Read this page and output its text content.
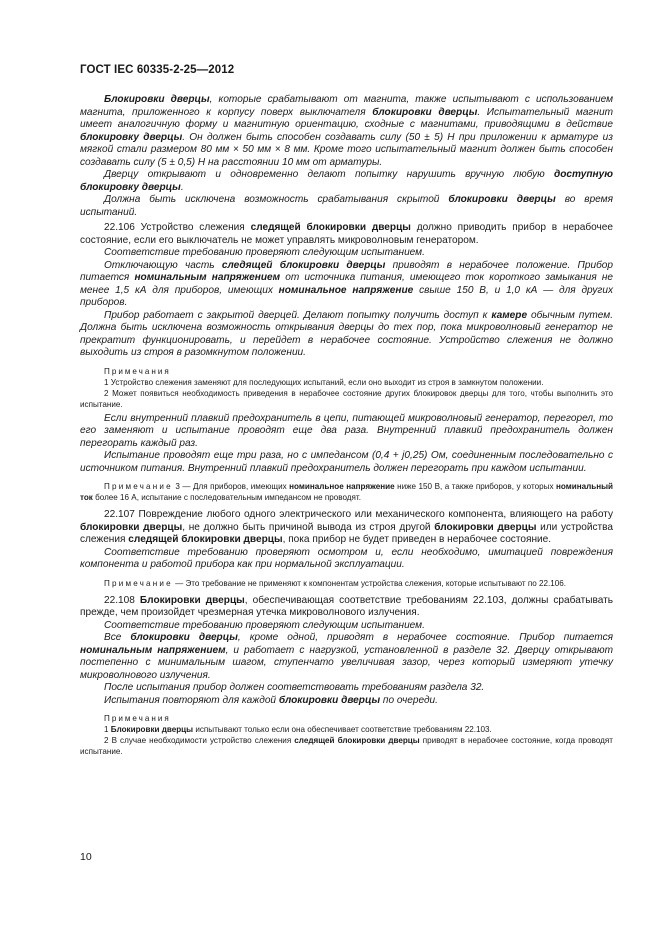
ГОСТ IEC 60335-2-25—2012

Блокировки дверцы, которые срабатывают от магнита, также испытывают с использованием магнита, приложенного к корпусу поверх выключателя блокировки дверцы. Испытательный магнит имеет аналогичную форму и магнитную ориентацию, сходные с магнитами, приводящими в действие блокировку дверцы. Он должен быть способен создавать силу (50 ± 5) Н при приложении к арматуре из мягкой стали размером 80 мм × 50 мм × 8 мм. Кроме того испытательный магнит должен быть способен создавать силу (5 ± 0,5) Н на расстоянии 10 мм от арматуры.

Дверцу открывают и одновременно делают попытку нарушить вручную любую доступную блокировку дверцы.

Должна быть исключена возможность срабатывания скрытой блокировки дверцы во время испытаний.

22.106 Устройство слежения следящей блокировки дверцы должно приводить прибор в нерабочее состояние, если его выключатель не может управлять микроволновым генератором.

Соответствие требованию проверяют следующим испытанием.

Отключающую часть следящей блокировки дверцы приводят в нерабочее положение. Прибор питается номинальным напряжением от источника питания, имеющего ток короткого замыкания не менее 1,5 кА для приборов, имеющих номинальное напряжение свыше 150 В, и 1,0 кА — для других приборов.

Прибор работает с закрытой дверцей. Делают попытку получить доступ к камере обычным путем. Должна быть исключена возможность открывания дверцы до тех пор, пока микроволновый генератор не прекратит функционировать, и перейдет в нерабочее состояние. Устройство слежения не должно выходить из строя в разомкнутом положении.

Примечания

1 Устройство слежения заменяют для последующих испытаний, если оно выходит из строя в замкнутом положении.

2 Может появиться необходимость приведения в нерабочее состояние других блокировок дверцы для того, чтобы выполнить это испытание.

Если внутренний плавкий предохранитель в цепи, питающей микроволновый генератор, перегорел, то его заменяют и испытание проводят еще два раза. Внутренний плавкий предохранитель должен перегорать каждый раз.

Испытание проводят еще три раза, но с импедансом (0,4 + j0,25) Ом, соединенным последовательно с источником питания. Внутренний плавкий предохранитель должен перегорать при каждом испытании.

Примечание 3 — Для приборов, имеющих номинальное напряжение ниже 150 В, а также приборов, у которых номинальный ток более 16 А, испытание с последовательным импедансом не проводят.

22.107 Повреждение любого одного электрического или механического компонента, влияющего на работу блокировки дверцы, не должно быть причиной вывода из строя другой блокировки дверцы или устройства слежения следящей блокировки дверцы, пока прибор не будет приведен в нерабочее состояние.

Соответствие требованию проверяют осмотром и, если необходимо, имитацией повреждения компонента и работой прибора как при нормальной эксплуатации.

Примечание — Это требование не применяют к компонентам устройства слежения, которые испытывают по 22.106.

22.108 Блокировки дверцы, обеспечивающая соответствие требованиям 22.103, должны срабатывать прежде, чем произойдет чрезмерная утечка микроволнового излучения.

Соответствие требованию проверяют следующим испытанием.

Все блокировки дверцы, кроме одной, приводят в нерабочее состояние. Прибор питается номинальным напряжением, и работает с нагрузкой, установленной в разделе 32. Дверцу открывают постепенно с минимальным шагом, ступенчато увеличивая зазор, через который измеряют утечку микроволнового излучения.

После испытания прибор должен соответствовать требованиям раздела 32.

Испытания повторяют для каждой блокировки дверцы по очереди.

Примечания

1 Блокировки дверцы испытывают только если она обеспечивает соответствие требованиям 22.103.

2 В случае необходимости устройство слежения следящей блокировки дверцы приводят в нерабочее состояние, когда проводят испытание.

10
